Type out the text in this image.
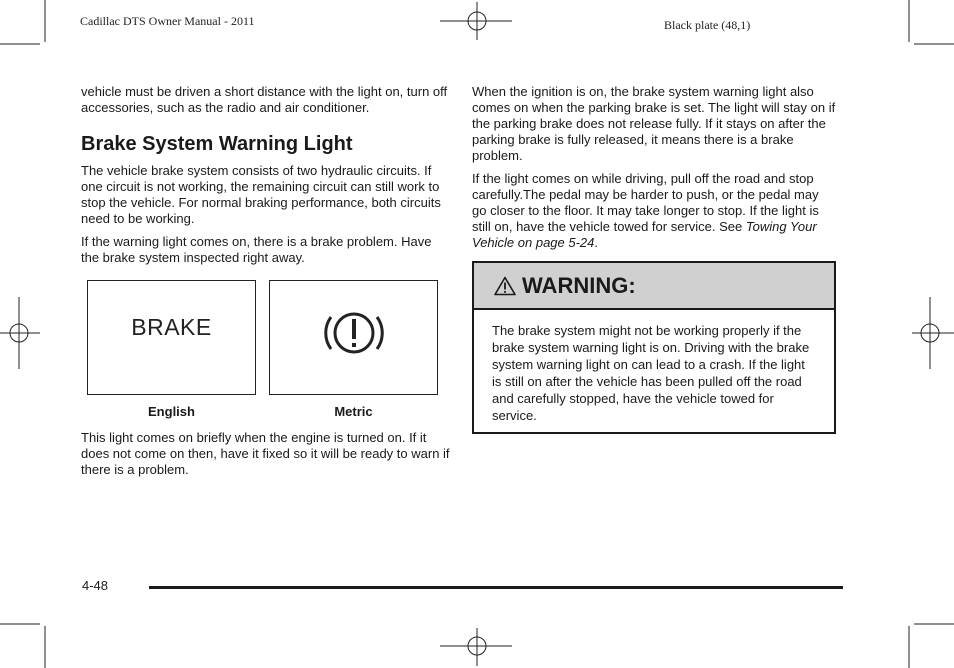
Cadillac DTS Owner Manual - 2011	Black plate (48,1)

vehicle must be driven a short distance with the light on, turn off accessories, such as the radio and air conditioner.

Brake System Warning Light

The vehicle brake system consists of two hydraulic circuits. If one circuit is not working, the remaining circuit can still work to stop the vehicle. For normal braking performance, both circuits need to be working.

If the warning light comes on, there is a brake problem. Have the brake system inspected right away.

BRAKE
English	Metric

This light comes on briefly when the engine is turned on. If it does not come on then, have it fixed so it will be ready to warn if there is a problem.

When the ignition is on, the brake system warning light also comes on when the parking brake is set. The light will stay on if the parking brake does not release fully. If it stays on after the parking brake is fully released, it means there is a brake problem.

If the light comes on while driving, pull off the road and stop carefully.The pedal may be harder to push, or the pedal may go closer to the floor. It may take longer to stop. If the light is still on, have the vehicle towed for service. See Towing Your Vehicle on page 5‑24.

WARNING:
The brake system might not be working properly if the brake system warning light is on. Driving with the brake system warning light on can lead to a crash. If the light is still on after the vehicle has been pulled off the road and carefully stopped, have the vehicle towed for service.
4-48
